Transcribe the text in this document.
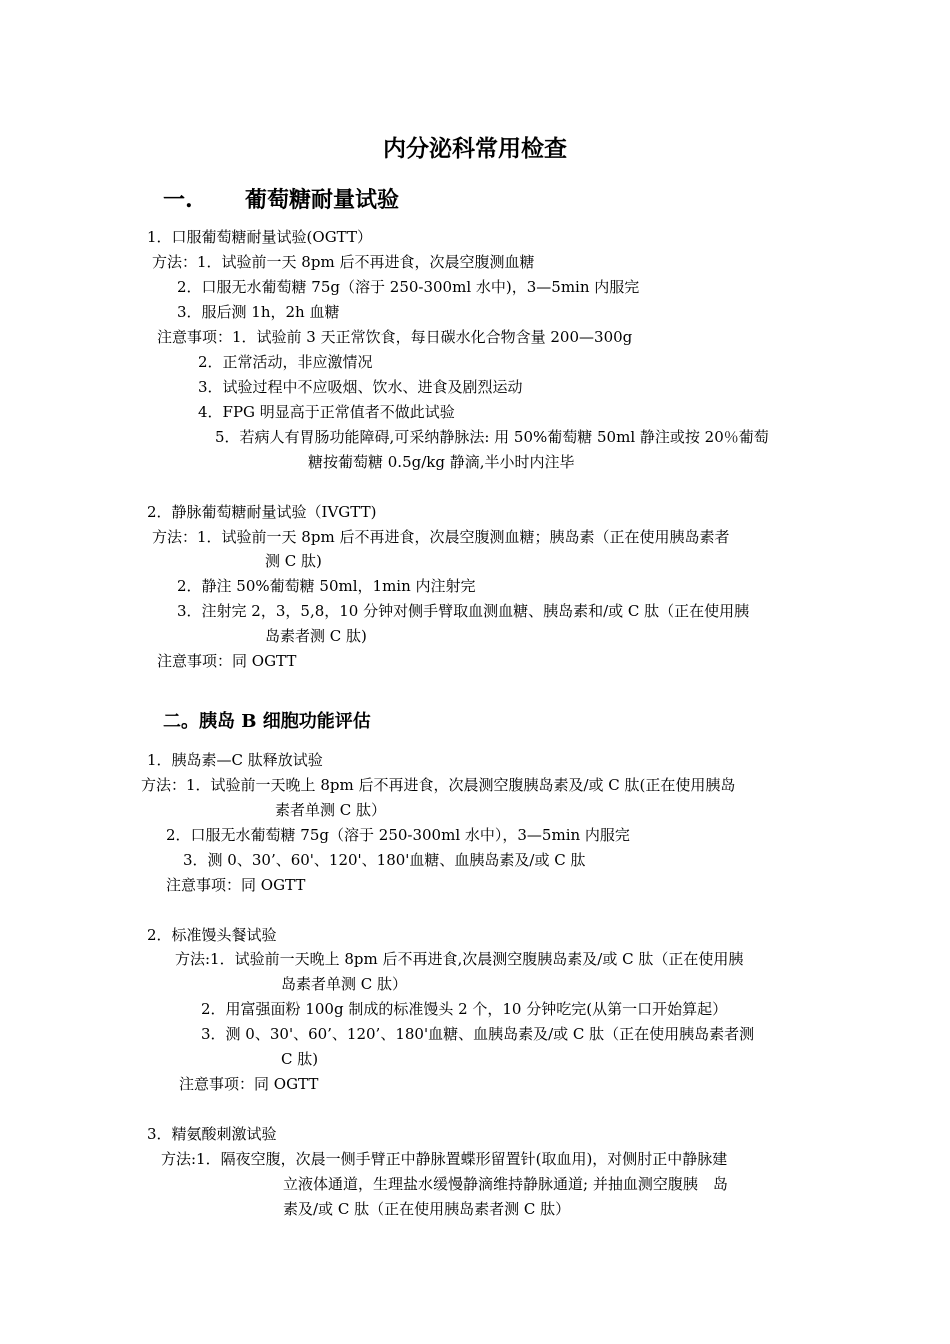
内分泌科常用检查
一. 葡萄糖耐量试验
1．口服葡萄糖耐量试验(OGTT）
方法：1．试验前一天 8pm 后不再进食，次晨空腹测血糖
2．口服无水葡萄糖 75g（溶于 250-300ml 水中)，3—5min 内服完
3．服后测 1h，2h 血糖
注意事项：1．试验前 3 天正常饮食，每日碳水化合物含量 200—300g
2．正常活动，非应激情况
3．试验过程中不应吸烟、饮水、进食及剧烈运动
4．FPG 明显高于正常值者不做此试验
5．若病人有胃肠功能障碍,可采纳静脉法: 用 50%葡萄糖 50ml 静注或按 20％葡萄
糖按葡萄糖 0.5g/kg 静滴,半小时内注毕
2．静脉葡萄糖耐量试验（IVGTT)
方法：1．试验前一天 8pm 后不再进食，次晨空腹测血糖；胰岛素（正在使用胰岛素者
测 C 肽)
2．静注 50%葡萄糖 50ml，1min 内注射完
3．注射完 2，3，5,8，10 分钟对侧手臂取血测血糖、胰岛素和/或 C 肽（正在使用胰
岛素者测 C 肽)
注意事项：同 OGTT
二。胰岛 B 细胞功能评估
1．胰岛素—C 肽释放试验
方法：1．试验前一天晚上 8pm 后不再进食，次晨测空腹胰岛素及/或 C 肽(正在使用胰岛
素者单测 C 肽）
2．口服无水葡萄糖 75g（溶于 250-300ml 水中），3—5min 内服完
3．测 0、30’、60'、120'、180'血糖、血胰岛素及/或 C 肽
注意事项：同 OGTT
2．标准馒头餐试验
方法:1．试验前一天晚上 8pm 后不再进食,次晨测空腹胰岛素及/或 C 肽（正在使用胰
岛素者单测 C 肽）
2．用富强面粉 100g 制成的标准馒头 2 个，10 分钟吃完(从第一口开始算起）
3．测 0、30'、60’、120’、180'血糖、血胰岛素及/或 C 肽（正在使用胰岛素者测
C 肽)
注意事项：同 OGTT
3．精氨酸刺激试验
方法:1．隔夜空腹，次晨一侧手臂正中静脉置蝶形留置针(取血用)，对侧肘正中静脉建
立液体通道，生理盐水缓慢静滴维持静脉通道; 并抽血测空腹胰　岛
素及/或 C 肽（正在使用胰岛素者测 C 肽）
